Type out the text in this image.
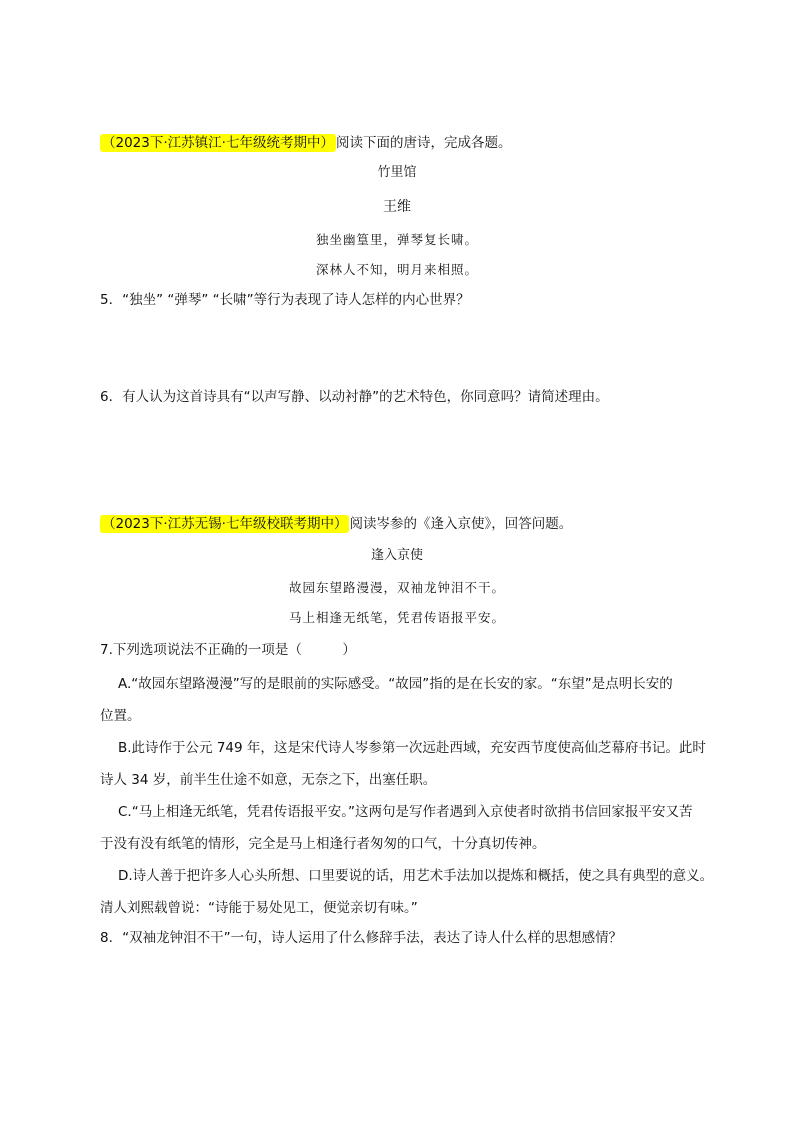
（2023下·江苏镇江·七年级统考期中） 阅读下面的唐诗，完成各题。
竹里馆
王维
独坐幽篁里，弹琴复长啸。
深林人不知，明月来相照。
5．“独坐” “弹琴” “长啸”等行为表现了诗人怎样的内心世界？
6．有人认为这首诗具有“以声写静、以动衬静”的艺术特色，你同意吗？请简述理由。
（2023下·江苏无锡·七年级校联考期中） 阅读岑参的《逢入京使》，回答问题。
逢入京使
故园东望路漫漫，双袖龙钟泪不干。
马上相逢无纸笔，凭君传语报平安。
7.下列选项说法不正确的一项是（　　　）
A.“故园东望路漫漫”写的是眼前的实际感受。“故园”指的是在长安的家。“东望”是点明长安的
位置。
B.此诗作于公元 749 年，这是宋代诗人岑参第一次远赴西域，充安西节度使高仙芝幕府书记。此时
诗人 34 岁，前半生仕途不如意，无奈之下，出塞任职。
C.“马上相逢无纸笔，凭君传语报平安。”这两句是写作者遇到入京使者时欲捎书信回家报平安又苦
于没有没有纸笔的情形，完全是马上相逢行者匆匆的口气，十分真切传神。
D.诗人善于把许多人心头所想、口里要说的话，用艺术手法加以提炼和概括，使之具有典型的意义。
清人刘熙载曾说：“诗能于易处见工，便觉亲切有味。”
8．“双袖龙钟泪不干”一句，诗人运用了什么修辞手法，表达了诗人什么样的思想感情？
